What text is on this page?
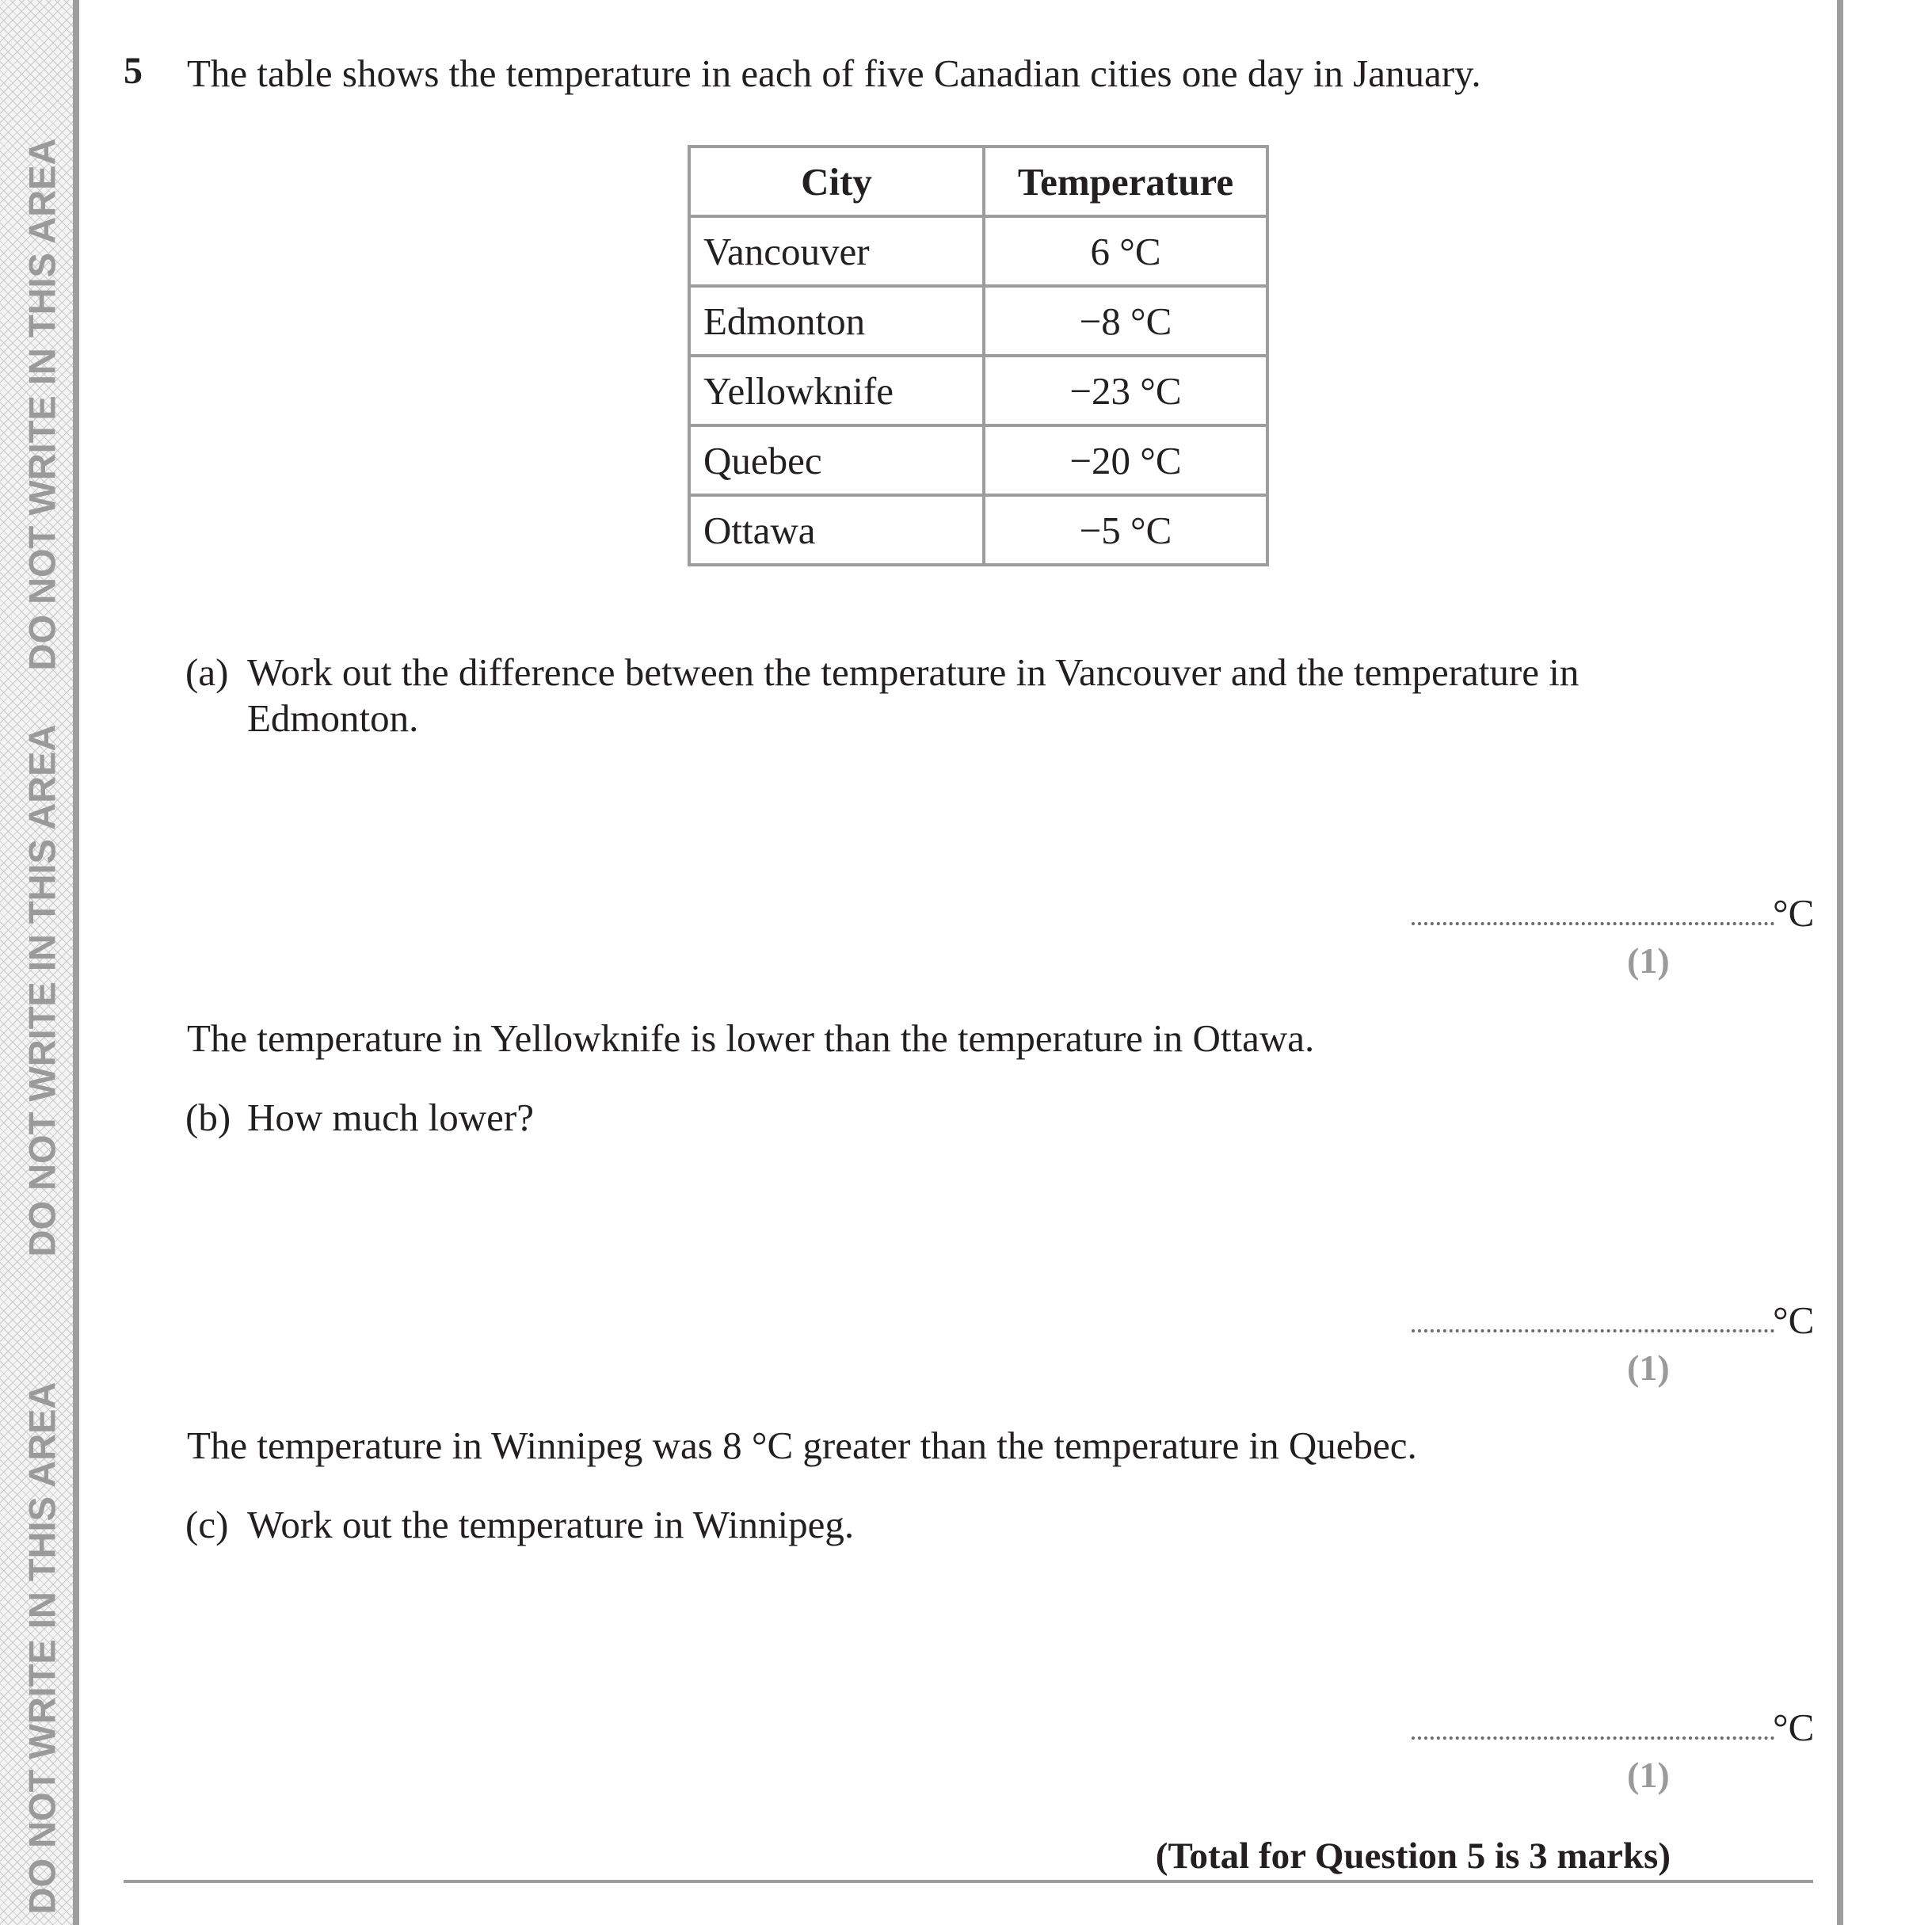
DO NOT WRITE IN THIS AREA
DO NOT WRITE IN THIS AREA
DO NOT WRITE IN THIS AREA
5 The table shows the temperature in each of five Canadian cities one day in January.
City	Temperature
Vancouver	6 °C
Edmonton	−8 °C
Yellowknife	−23 °C
Quebec	−20 °C
Ottawa	−5 °C
(a) Work out the difference between the temperature in Vancouver and the temperature in
Edmonton.
°C
(1)
The temperature in Yellowknife is lower than the temperature in Ottawa.
(b) How much lower?
°C
(1)
The temperature in Winnipeg was 8 °C greater than the temperature in Quebec.
(c) Work out the temperature in Winnipeg.
°C
(1)
(Total for Question 5 is 3 marks)
